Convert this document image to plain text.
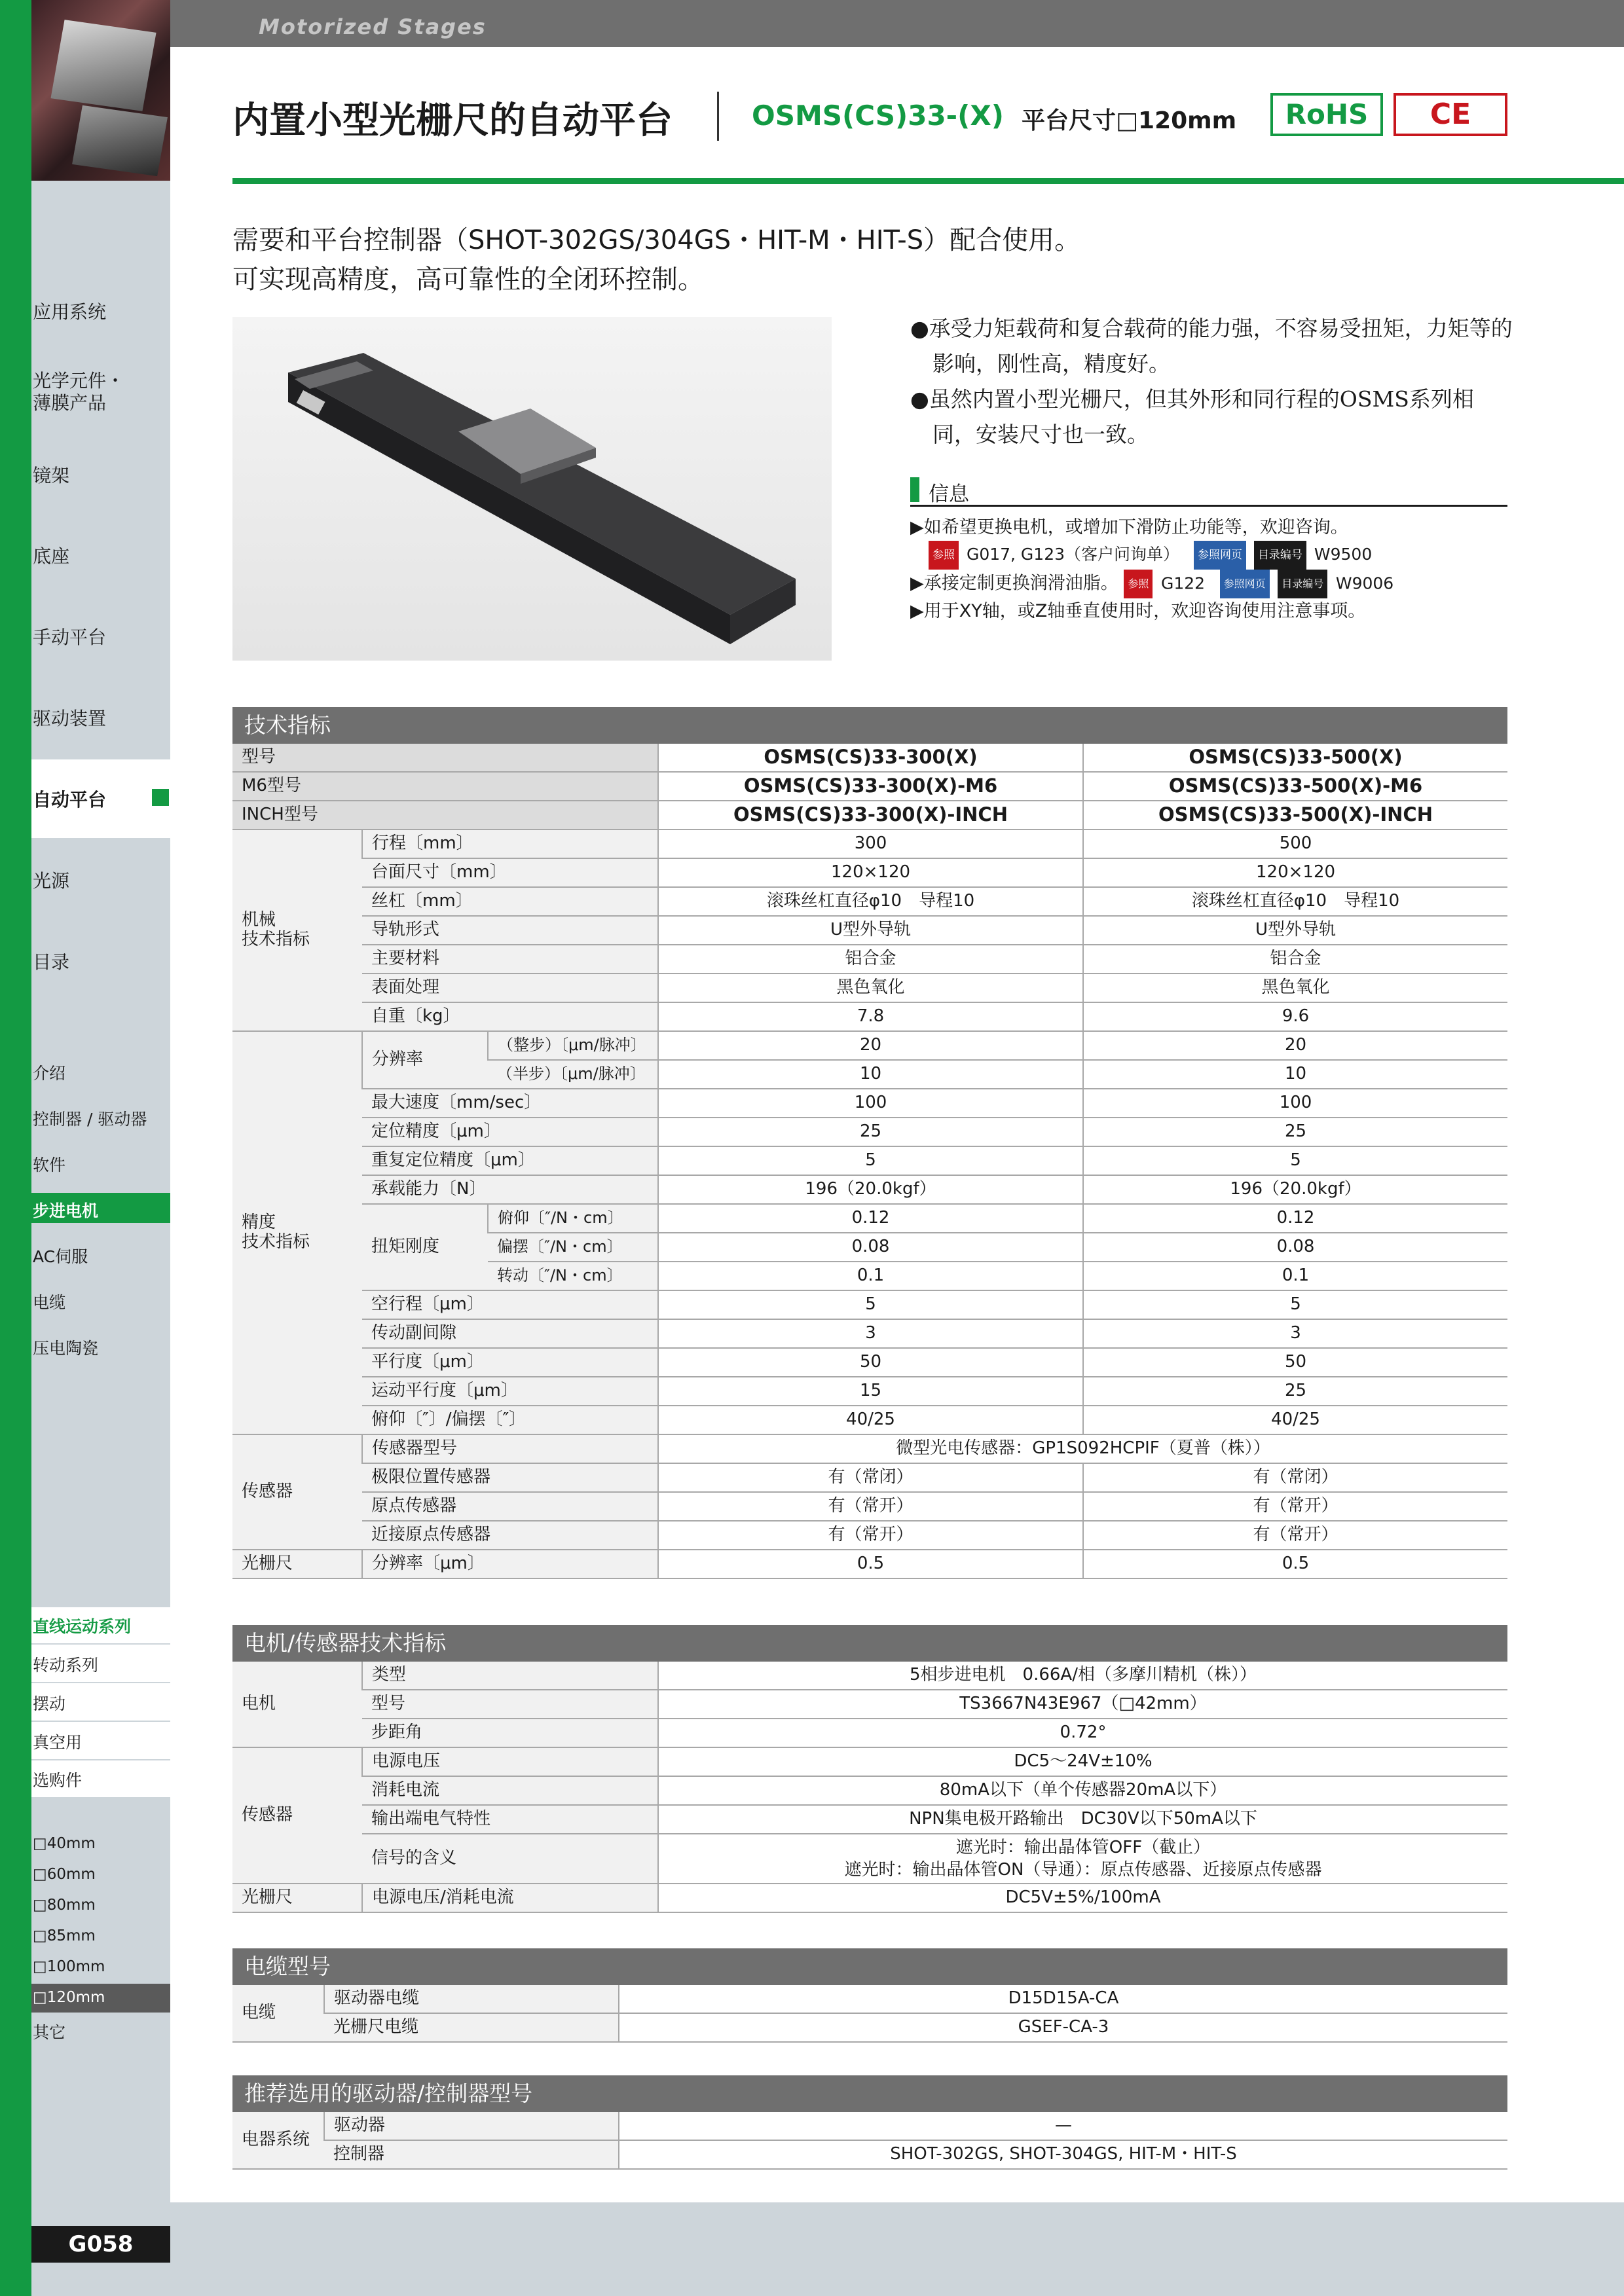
Motorized Stages
G058
应用系统
光学元件・
薄膜产品
镜架
底座
手动平台
驱动装置
自动平台
光源
目录
介绍
控制器 / 驱动器
软件
步进电机
AC伺服
电缆
压电陶瓷
直线运动系列
转动系列
摆动
真空用
选购件
□40mm
□60mm
□80mm
□85mm
□100mm
□120mm
其它
内置小型光栅尺的自动平台	OSMS(CS)33-(X) 平台尺寸□120mm	RoHS	CE
需要和平台控制器（SHOT-302GS/304GS・HIT-M・HIT-S）配合使用。
可实现高精度，高可靠性的全闭环控制。
●承受力矩载荷和复合载荷的能力强，不容易受扭矩，力矩等的影响，刚性高，精度好。
●虽然内置小型光栅尺，但其外形和同行程的OSMS系列相同，安装尺寸也一致。
信息
▶如希望更换电机，或增加下滑防止功能等，欢迎咨询。
参照 G017, G123（客户问询单） 参照网页 目录编号 W9500
▶承接定制更换润滑油脂。 参照 G122 参照网页 目录编号 W9006
▶用于XY轴，或Z轴垂直使用时，欢迎咨询使用注意事项。
技术指标
型号			OSMS(CS)33-300(X)	OSMS(CS)33-500(X)
M6型号			OSMS(CS)33-300(X)-M6	OSMS(CS)33-500(X)-M6
INCH型号			OSMS(CS)33-300(X)-INCH	OSMS(CS)33-500(X)-INCH
机械
技术指标	行程〔mm〕		300	500
	台面尺寸〔mm〕		120×120	120×120
	丝杠〔mm〕		滚珠丝杠直径φ10　导程10	滚珠丝杠直径φ10　导程10
	导轨形式		U型外导轨	U型外导轨
	主要材料		铝合金	铝合金
	表面处理		黑色氧化	黑色氧化
	自重〔kg〕		7.8	9.6
精度
技术指标	分辨率	（整步）〔μm/脉冲〕	20	20
		（半步）〔μm/脉冲〕	10	10
	最大速度〔mm/sec〕		100	100
	定位精度〔μm〕		25	25
	重复定位精度〔μm〕		5	5
	承载能力〔N〕		196（20.0kgf）	196（20.0kgf）
	扭矩刚度	俯仰〔″/N・cm〕	0.12	0.12
		偏摆〔″/N・cm〕	0.08	0.08
		转动〔″/N・cm〕	0.1	0.1
	空行程〔μm〕		5	5
	传动副间隙		3	3
	平行度〔μm〕		50	50
	运动平行度〔μm〕		15	25
	俯仰〔″〕/偏摆〔″〕		40/25	40/25
传感器	传感器型号		微型光电传感器：GP1S092HCPIF（夏普（株））	
	极限位置传感器		有（常闭）	有（常闭）
	原点传感器		有（常开）	有（常开）
	近接原点传感器		有（常开）	有（常开）
光栅尺	分辨率〔μm〕		0.5	0.5
电机/传感器技术指标
电机	类型	5相步进电机　0.66A/相（多摩川精机（株））
	型号	TS3667N43E967（□42mm）
	步距角	0.72°
传感器	电源电压	DC5～24V±10%
	消耗电流	80mA以下（单个传感器20mA以下）
	输出端电气特性	NPN集电极开路输出　DC30V以下50mA以下
	信号的含义	遮光时：输出晶体管OFF（截止）
遮光时：输出晶体管ON（导通）：原点传感器、近接原点传感器

光栅尺	电源电压/消耗电流	DC5V±5%/100mA
电缆型号
电缆	驱动器电缆	D15D15A-CA
	光栅尺电缆	GSEF-CA-3
推荐选用的驱动器/控制器型号
电器系统	驱动器	—
	控制器	SHOT-302GS, SHOT-304GS, HIT-M・HIT-S
